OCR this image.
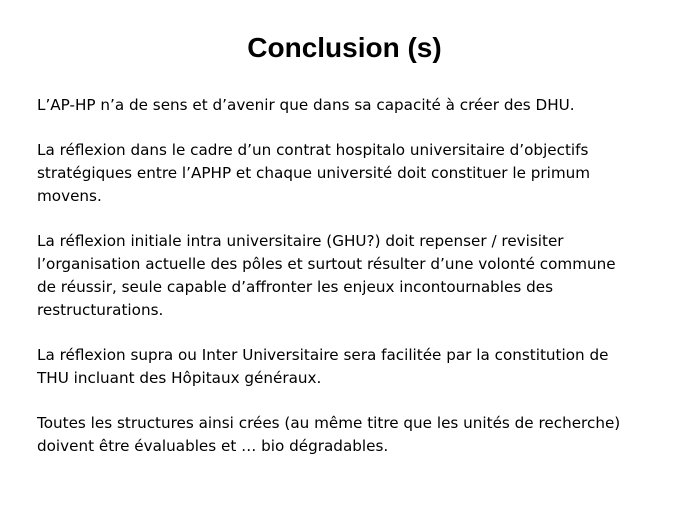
Conclusion (s)

L’AP-HP n’a de sens et d’avenir que dans sa capacité à créer des DHU.

La réflexion dans le cadre d’un contrat hospitalo universitaire d’objectifs
stratégiques entre l’APHP et chaque université doit constituer le primum
movens.

La réflexion initiale intra universitaire (GHU?) doit repenser / revisiter
l’organisation actuelle des pôles et surtout résulter d’une volonté commune
de réussir, seule capable d’affronter les enjeux incontournables des
restructurations.

La réflexion supra ou Inter Universitaire sera facilitée par la constitution de
THU incluant des Hôpitaux généraux.

Toutes les structures ainsi crées (au même titre que les unités de recherche)
doivent être évaluables et … bio dégradables.
